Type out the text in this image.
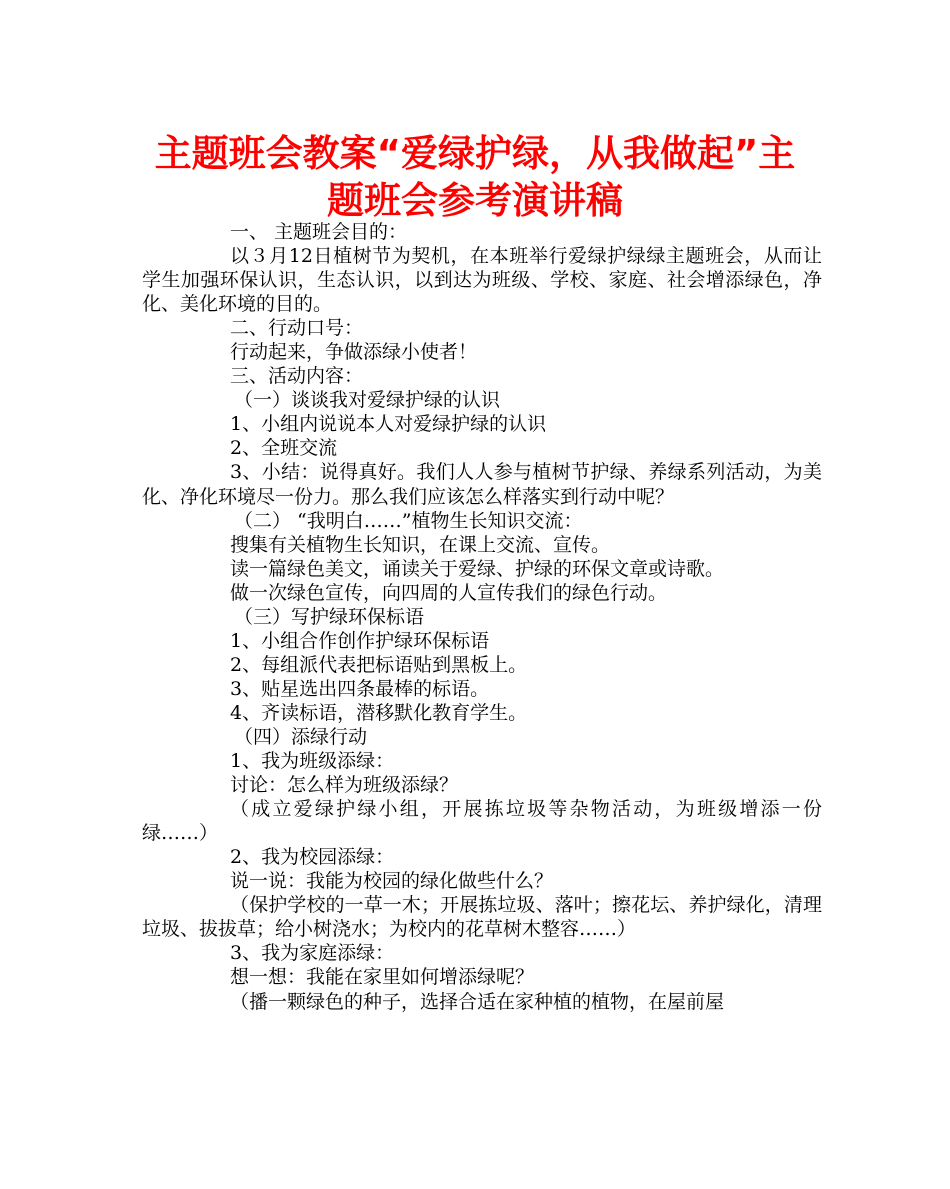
主题班会教案“爱绿护绿，从我做起”主
题班会参考演讲稿

一、 主题班会目的：

以３月12日植树节为契机，在本班举行爱绿护绿绿主题班会，从而让学生加强环保认识，生态认识，以到达为班级、学校、家庭、社会增添绿色，净化、美化环境的目的。

二、行动口号：

行动起来，争做添绿小使者！

三、活动内容：

（一）谈谈我对爱绿护绿的认识

1、小组内说说本人对爱绿护绿的认识

2、全班交流

3、小结：说得真好。我们人人参与植树节护绿、养绿系列活动，为美化、净化环境尽一份力。那么我们应该怎么样落实到行动中呢？

（二） “我明白……”植物生长知识交流：

搜集有关植物生长知识，在课上交流、宣传。

读一篇绿色美文，诵读关于爱绿、护绿的环保文章或诗歌。

做一次绿色宣传，向四周的人宣传我们的绿色行动。

（三）写护绿环保标语

1、小组合作创作护绿环保标语

2、每组派代表把标语贴到黑板上。

3、贴星选出四条最棒的标语。

4、齐读标语，潜移默化教育学生。

（四）添绿行动

1、我为班级添绿：

讨论：怎么样为班级添绿？

（成立爱绿护绿小组，开展拣垃圾等杂物活动，为班级增添一份绿……）

2、我为校园添绿：

说一说：我能为校园的绿化做些什么？

（保护学校的一草一木；开展拣垃圾、落叶；擦花坛、养护绿化，清理垃圾、拔拔草；给小树浇水；为校内的花草树木整容……）

3、我为家庭添绿：

想一想：我能在家里如何增添绿呢？

（播一颗绿色的种子，选择合适在家种植的植物，在屋前屋
